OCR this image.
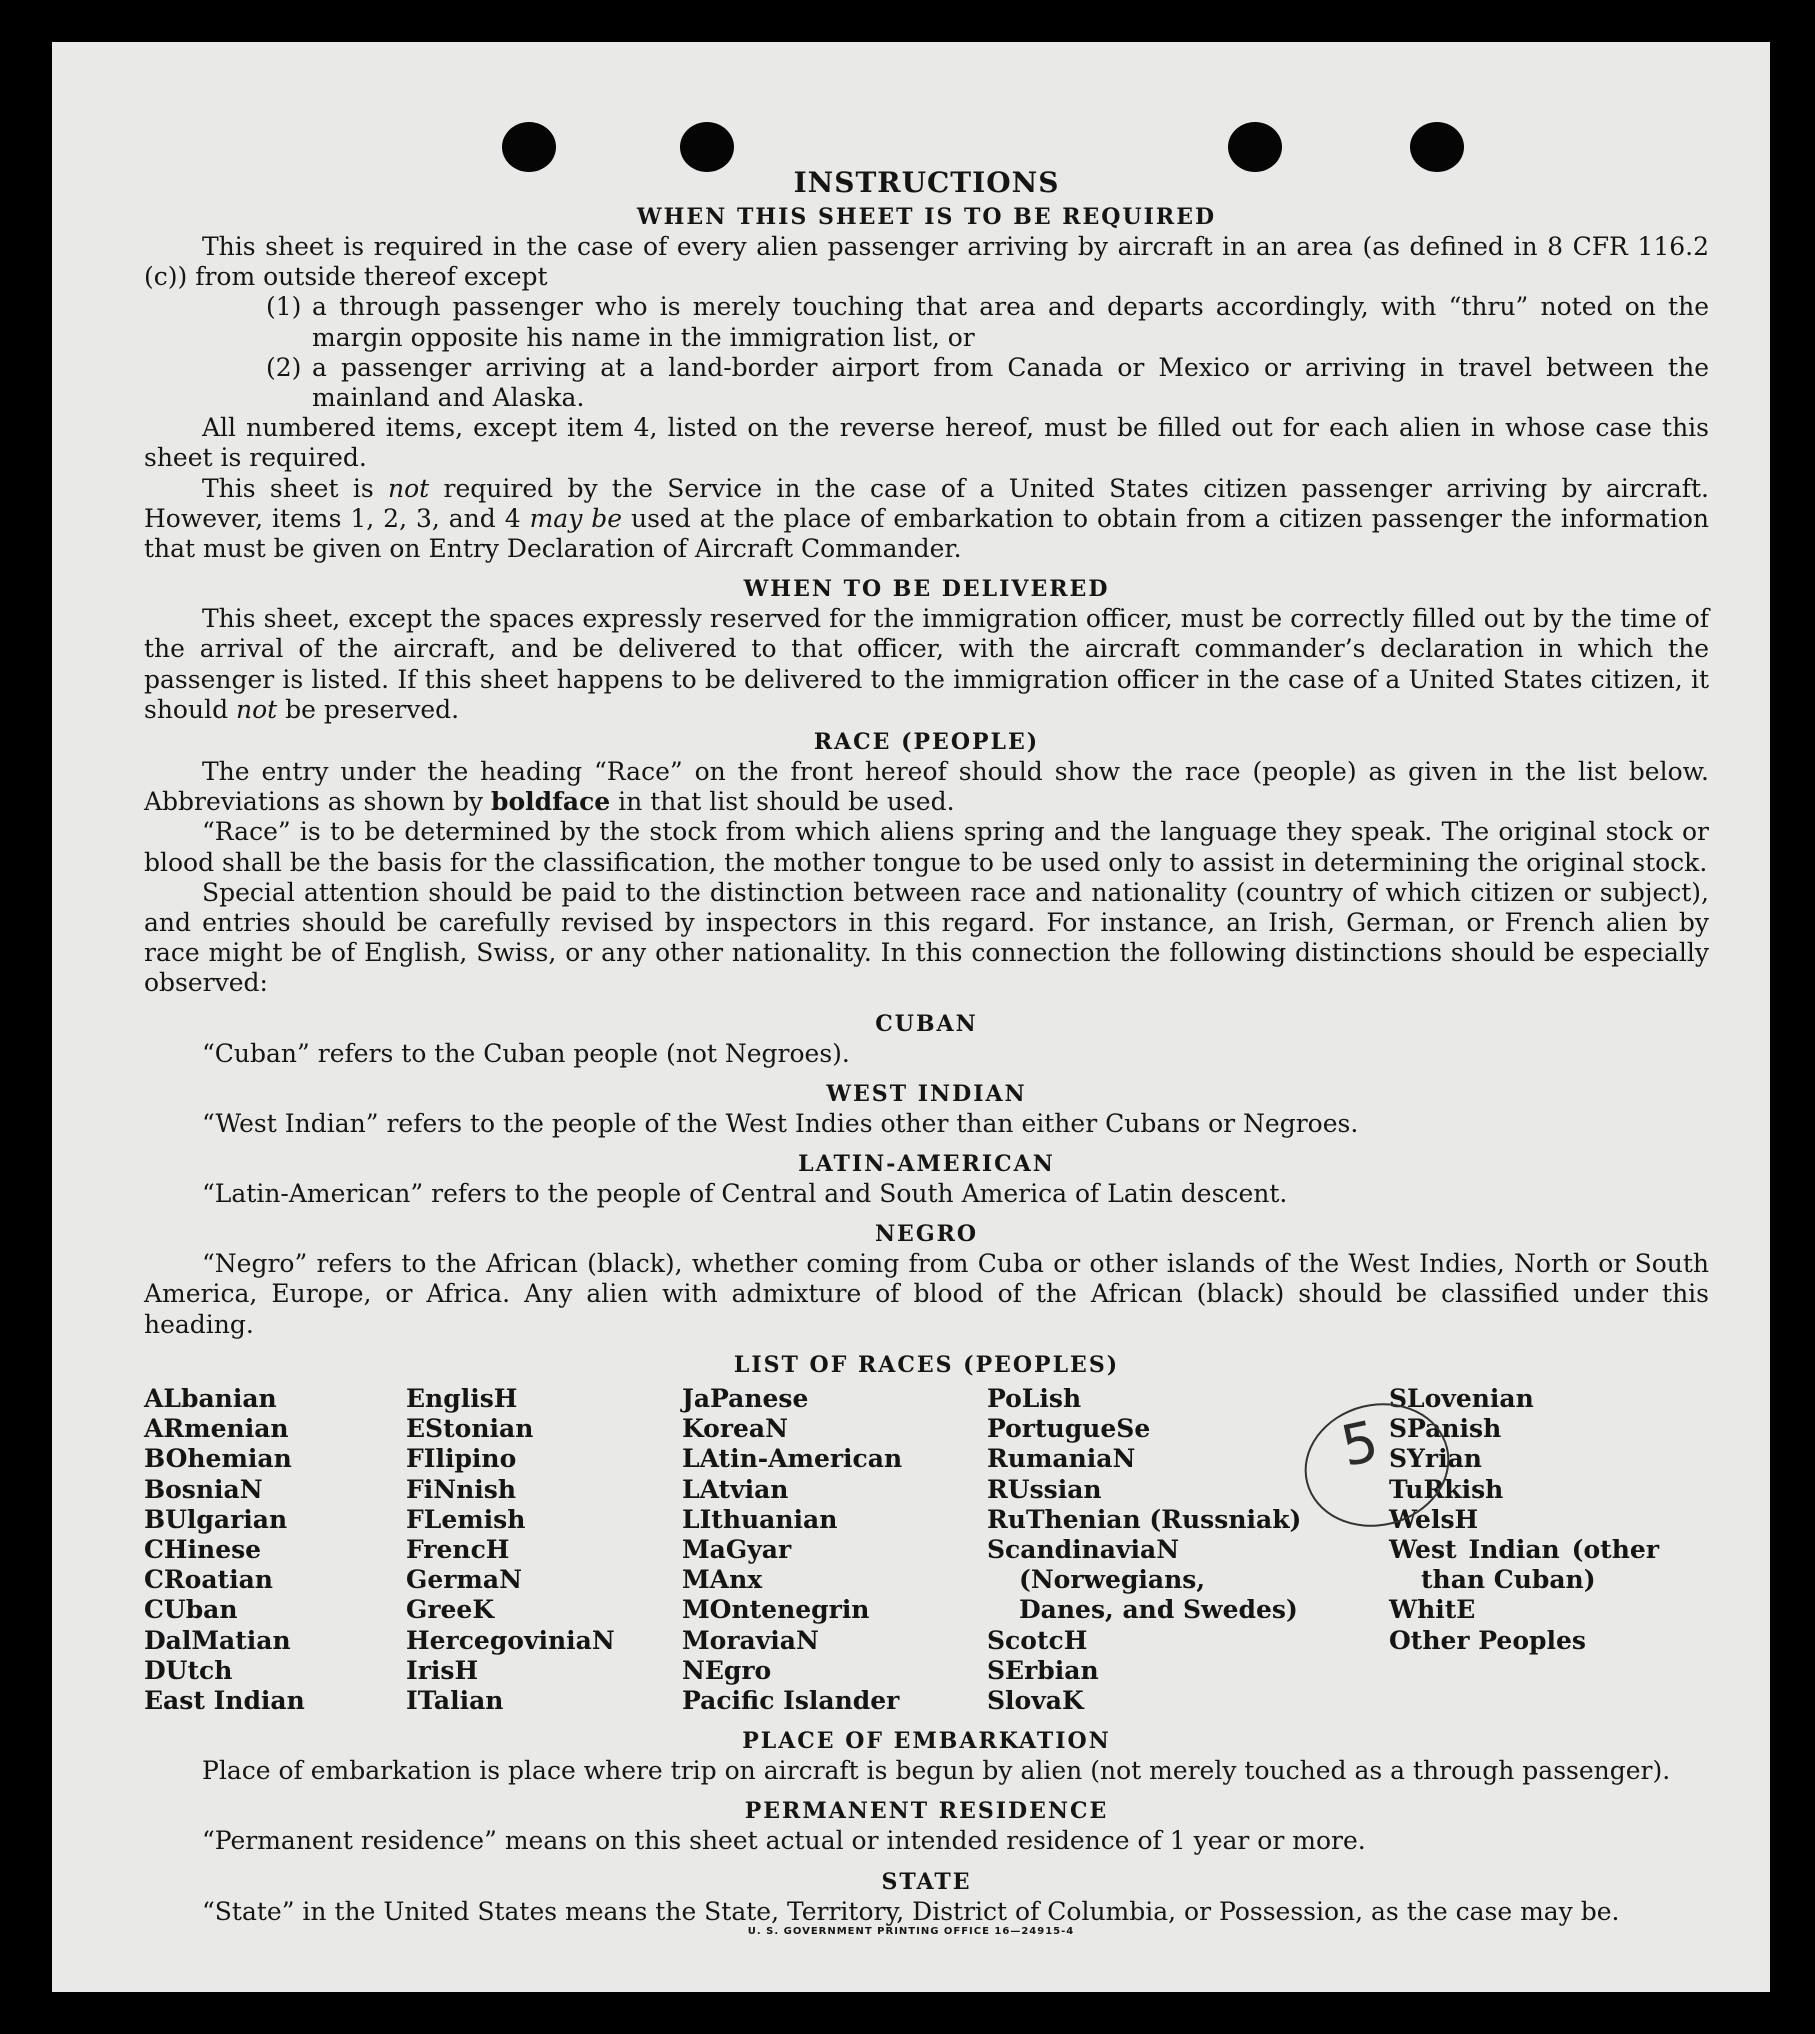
INSTRUCTIONS
WHEN THIS SHEET IS TO BE REQUIRED

This sheet is required in the case of every alien passenger arriving by aircraft in an area (as defined in 8 CFR 116.2 (c)) from outside thereof except

(1) a through passenger who is merely touching that area and departs accordingly, with “thru” noted on the margin opposite his name in the immigration list, or
(2) a passenger arriving at a land-border airport from Canada or Mexico or arriving in travel between the mainland and Alaska.

All numbered items, except item 4, listed on the reverse hereof, must be filled out for each alien in whose case this sheet is required.

This sheet is not required by the Service in the case of a United States citizen passenger arriving by aircraft. However, items 1, 2, 3, and 4 may be used at the place of embarkation to obtain from a citizen passenger the information that must be given on Entry Declaration of Aircraft Commander.

WHEN TO BE DELIVERED

This sheet, except the spaces expressly reserved for the immigration officer, must be correctly filled out by the time of the arrival of the aircraft, and be delivered to that officer, with the aircraft commander’s declaration in which the passenger is listed. If this sheet happens to be delivered to the immigration officer in the case of a United States citizen, it should not be preserved.

RACE (PEOPLE)

The entry under the heading “Race” on the front hereof should show the race (people) as given in the list below. Abbreviations as shown by boldface in that list should be used.

“Race” is to be determined by the stock from which aliens spring and the language they speak. The original stock or blood shall be the basis for the classification, the mother tongue to be used only to assist in determining the original stock.

Special attention should be paid to the distinction between race and nationality (country of which citizen or subject), and entries should be carefully revised by inspectors in this regard. For instance, an Irish, German, or French alien by race might be of English, Swiss, or any other nationality. In this connection the following distinctions should be especially observed:

CUBAN

“Cuban” refers to the Cuban people (not Negroes).

WEST INDIAN

“West Indian” refers to the people of the West Indies other than either Cubans or Negroes.

LATIN-AMERICAN

“Latin-American” refers to the people of Central and South America of Latin descent.

NEGRO

“Negro” refers to the African (black), whether coming from Cuba or other islands of the West Indies, North or South America, Europe, or Africa. Any alien with admixture of blood of the African (black) should be classified under this heading.

LIST OF RACES (PEOPLES)
ALbanian
ARmenian
BOhemian
BosniaN
BUlgarian
CHinese
CRoatian
CUban
DalMatian
DUtch
East Indian
EnglisH
EStonian
FIlipino
FiNnish
FLemish
FrencH
GermaN
GreeK
HercegoviniaN
IrisH
ITalian
JaPanese
KoreaN
LAtin-American
LAtvian
LIthuanian
MaGyar
MAnx
MOntenegrin
MoraviaN
NEgro
Pacific Islander
PoLish
PortugueSe
RumaniaN
RUssian
RuThenian (Russniak)
ScandinaviaN (Norwegians, Danes, and Swedes)
ScotcH
SErbian
SlovaK
SLovenian
SPanish
SYrian
TuRkish
WelsH
West Indian (other than Cuban)
WhitE
Other Peoples
PLACE OF EMBARKATION

Place of embarkation is place where trip on aircraft is begun by alien (not merely touched as a through passenger).

PERMANENT RESIDENCE

“Permanent residence” means on this sheet actual or intended residence of 1 year or more.

STATE

“State” in the United States means the State, Territory, District of Columbia, or Possession, as the case may be.

5
U. S. GOVERNMENT PRINTING OFFICE 16—24915-4
